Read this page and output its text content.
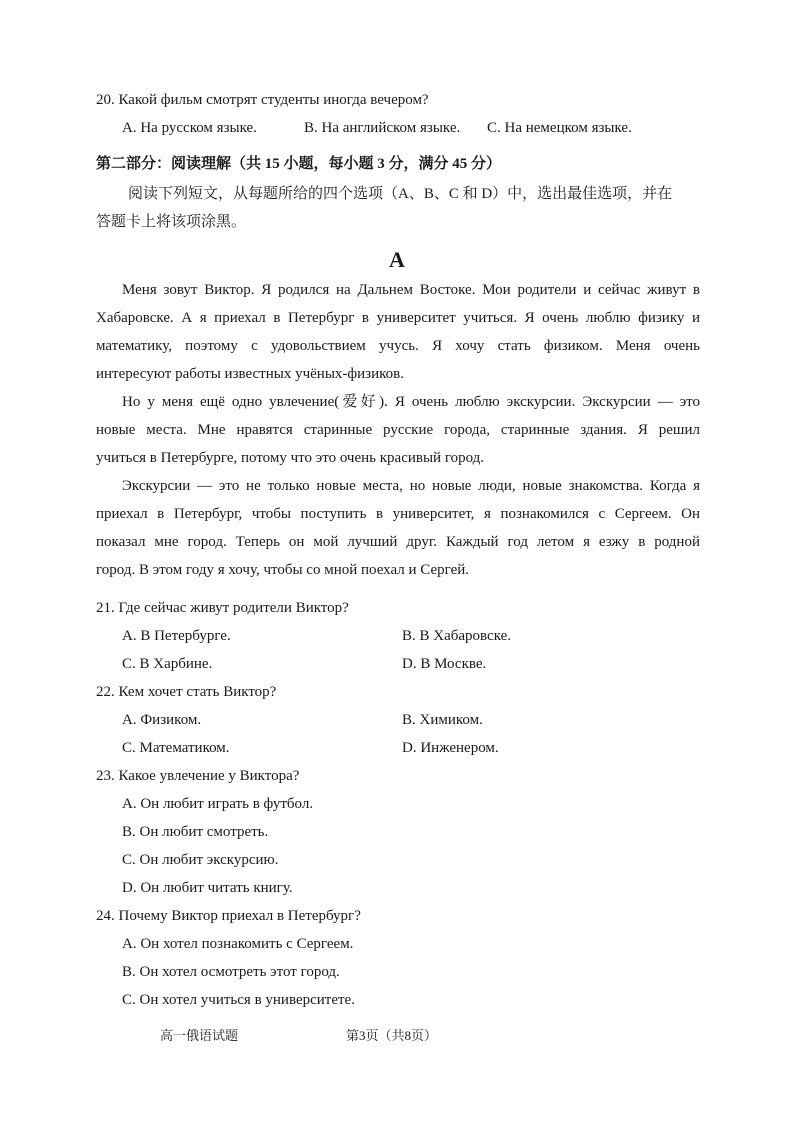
20. Какой фильм смотрят студенты иногда вечером?
A. На русском языке.	B. На английском языке. C. На немецком языке.
第二部分：阅读理解（共 15 小题，每小题 3 分，满分 45 分）
阅读下列短文，从每题所给的四个选项（A、B、C 和 D）中，选出最佳选项，并在
答题卡上将该项涂黑。
A
Меня зовут Виктор. Я родился на Дальнем Востоке. Мои родители и сейчас живут в
Хабаровске. А я приехал в Петербург в университет учиться. Я очень люблю физику и
математику, поэтому с удовольствием учусь. Я хочу стать физиком. Меня очень
интересуют работы известных учёных-физиков.
Но у меня ещё одно увлечение(爱好). Я очень люблю экскурсии. Экскурсии — это
новые места. Мне нравятся старинные русские города, старинные здания. Я решил
учиться в Петербурге, потому что это очень красивый город.
Экскурсии — это не только новые места, но новые люди, новые знакомства. Когда я
приехал в Петербург, чтобы поступить в университет, я познакомился с Сергеем. Он
показал мне город. Теперь он мой лучший друг. Каждый год летом я езжу в родной
город. В этом году я хочу, чтобы со мной поехал и Сергей.
21. Где сейчас живут родители Виктор?
A. В Петербурге.	B. В Хабаровске.
C. В Харбине.	D. В Москве.
22. Кем хочет стать Виктор?
A. Физиком.	B. Химиком.
C. Математиком.	D. Инженером.
23. Какое увлечение у Виктора?
A. Он любит играть в футбол.
B. Он любит смотреть.
C. Он любит экскурсию.
D. Он любит читать книгу.
24. Почему Виктор приехал в Петербург?
A. Он хотел познакомить с Сергеем.
B. Он хотел осмотреть этот город.
C. Он хотел учиться в университете.
高一俄语试题	第3页（共8页）
